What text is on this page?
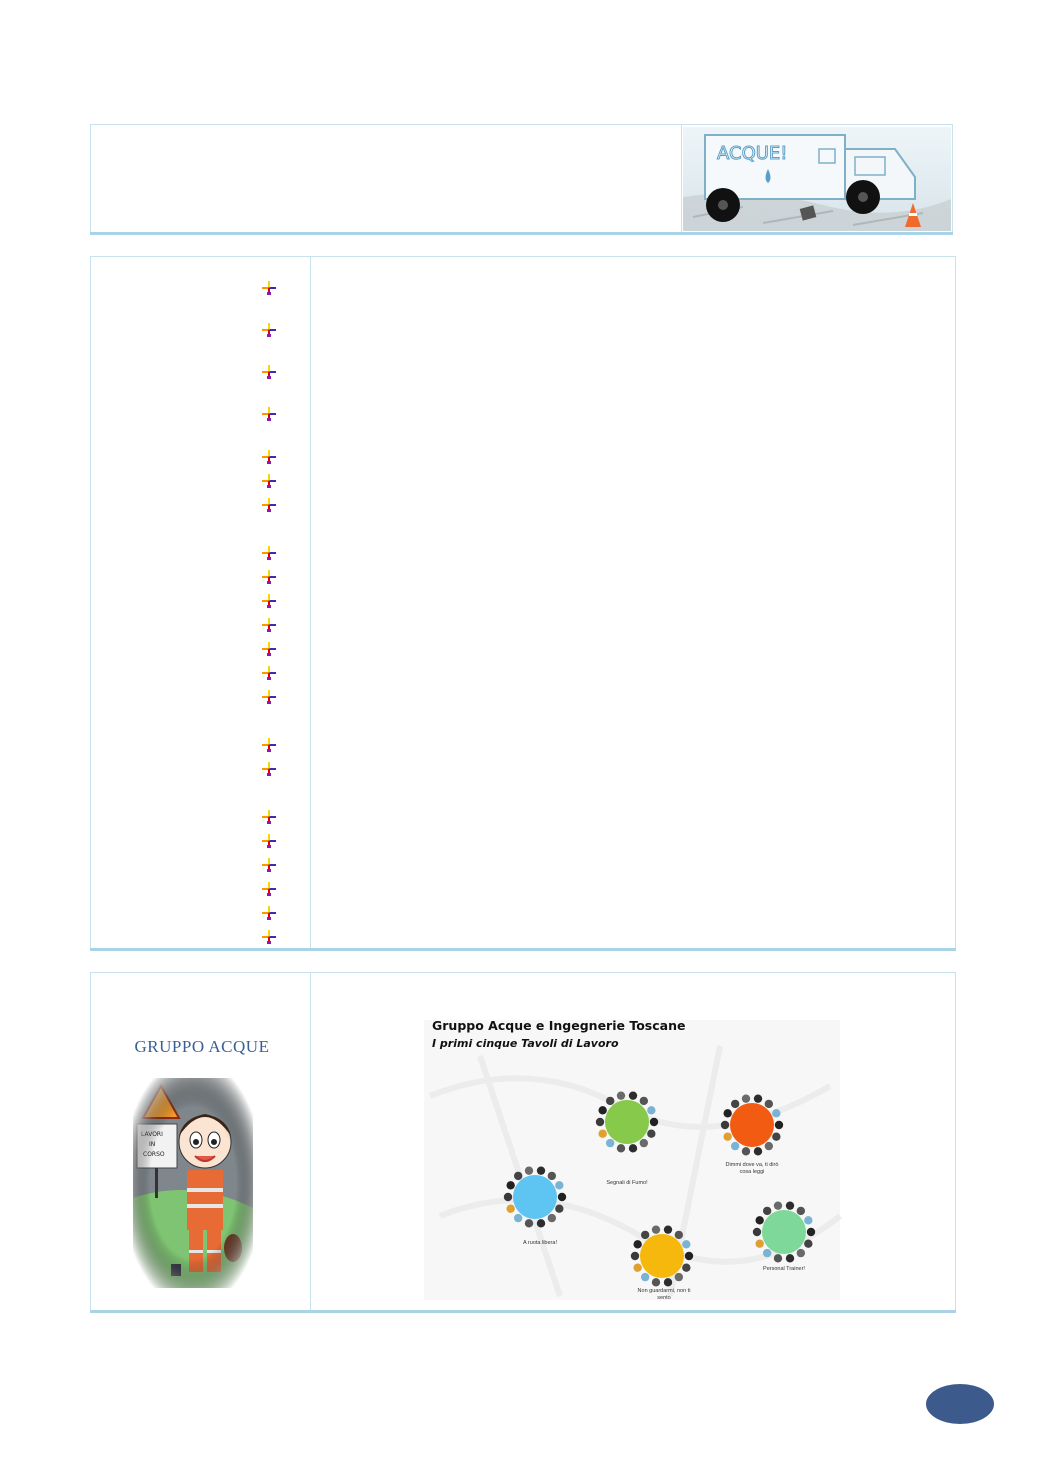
ACQUE!
GRUPPO ACQUE
Gruppo Acque e Ingegnerie Toscane
I primi cinque Tavoli di Lavoro
Segnali di Fumo!
Dimmi dove va, ti dirò cosa leggi
A ruota libera!
Personal Trainer!
Non guardarmi, non ti sento
